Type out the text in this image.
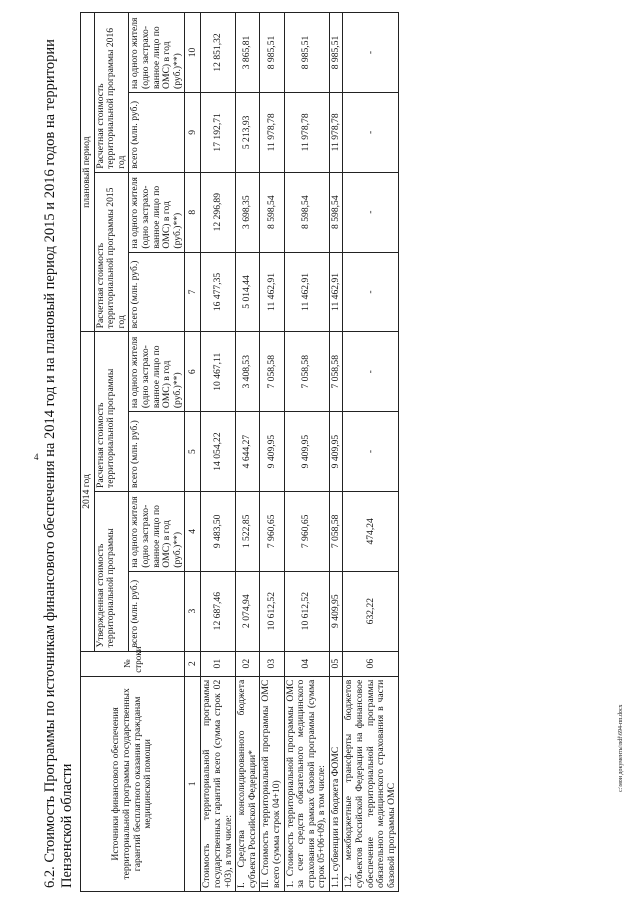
4 6.2. Стоимость Программы по источникам финансового обеспечения на 2014 год и на плановый период 2015 и 2016 годов на территории Пензенской области	Источники финансового обеспечения территориальной программы государственных гарантий бесплатного оказания гражданам медицинской помощи	№ строки	2014 год				плановый период			
		Утвержденная стоимость территориальной программы		Расчетная стоимость территориальной программы		Расчетная стоимость территориальной программы 2015 год		Расчетная стоимость территориальной программы 2016 год	
		всего (млн. руб.)	на одного жителя (одно застрахо-ванное лицо по ОМС) в год (руб.)**)	всего (млн. руб.)	на одного жителя (одно застрахо-ванное лицо по ОМС) в год (руб.)**)	всего (млн. руб.)	на одного жителя (одно застрахо-ванное лицо по ОМС) в год (руб.)**)	всего (млн. руб.)	на одного жителя (одно застрахо-ванное лицо по ОМС) в год (руб.)**)
1	2	3	4	5	6	7	8	9	10
Стоимость территориальной программы государственных гарантий всего (сумма строк 02 +03), в том числе:	01	12 687,46	9 483,50	14 054,22	10 467,11	16 477,35	12 296,89	17 192,71	12 851,32
I. Средства консолидированного бюджета субъекта Российской Федерации*	02	2 074,94	1 522,85	4 644,27	3 408,53	5 014,44	3 698,35	5 213,93	3 865,81
II. Стоимость территориальной программы ОМС всего (сумма строк 04+10)	03	10 612,52	7 960,65	9 409,95	7 058,58	11 462,91	8 598,54	11 978,78	8 985,51
1. Стоимость территориальной программы ОМС за счет средств обязательного медицинского страхования в рамках базовой программы (сумма строк 05+06+09), в том числе:	04	10 612,52	7 960,65	9 409,95	7 058,58	11 462,91	8 598,54	11 978,78	8 985,51
1.1. субвенции из бюджета ФОМС	05	9 409,95	7 058,58	9 409,95	7 058,58	11 462,91	8 598,54	11 978,78	8 985,51
1.2. межбюджетные трансферты бюджетов субъектов Российской Федерации на финансовое обеспечение территориальной программы обязательного медицинского страхования в части базовой программы ОМС	06	632,22	474,24	-	-	-	-	-	-
c:\мои документы\ndf\694-пп.docx
